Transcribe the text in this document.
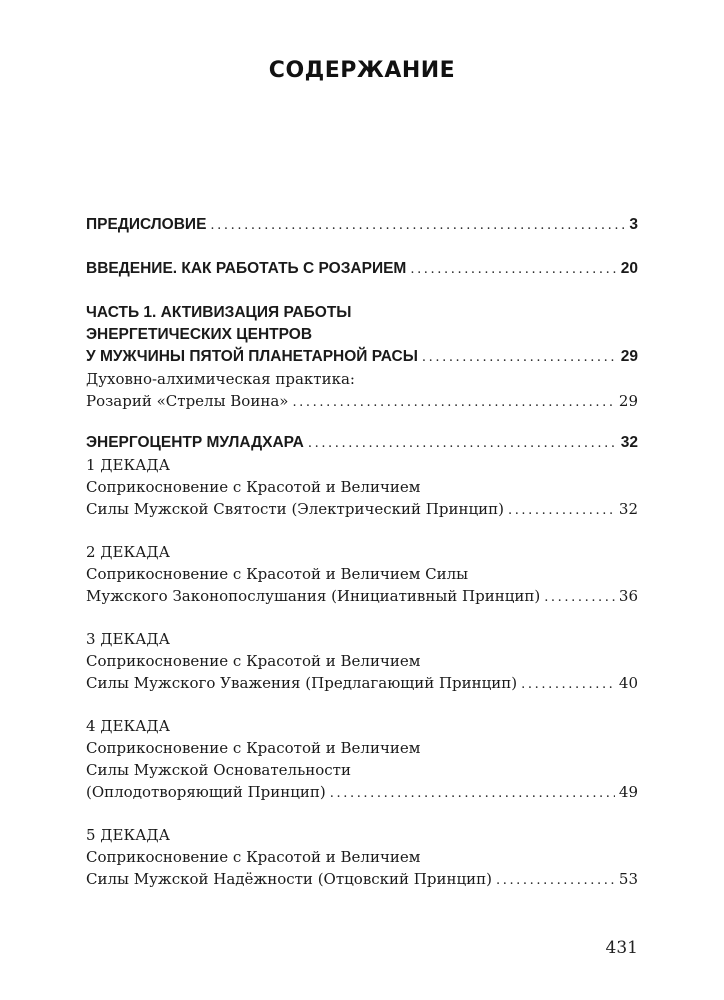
СОДЕРЖАНИЕ
ПРЕДИСЛОВИЕ .....	3
ВВЕДЕНИЕ. КАК РАБОТАТЬ С РОЗАРИЕМ .....	20
ЧАСТЬ 1. АКТИВИЗАЦИЯ РАБОТЫ
ЭНЕРГЕТИЧЕСКИХ ЦЕНТРОВ
У МУЖЧИНЫ ПЯТОЙ ПЛАНЕТАРНОЙ РАСЫ .....	29
Духовно-алхимическая практика:
Розарий «Стрелы Воина» .....	29
ЭНЕРГОЦЕНТР МУЛАДХАРА .....	32
1 ДЕКАДА
Соприкосновение с Красотой и Величием
Силы Мужской Святости (Электрический Принцип) .....	32
2 ДЕКАДА
Соприкосновение с Красотой и Величием Силы
Мужского Законопослушания (Инициативный Принцип) .....	36
3 ДЕКАДА
Соприкосновение с Красотой и Величием
Силы Мужского Уважения (Предлагающий Принцип) .....	40
4 ДЕКАДА
Соприкосновение с Красотой и Величием
Силы Мужской Основательности
(Оплодотворяющий Принцип) .....	49
5 ДЕКАДА
Соприкосновение с Красотой и Величием
Силы Мужской Надёжности (Отцовский Принцип) .....	53
431
